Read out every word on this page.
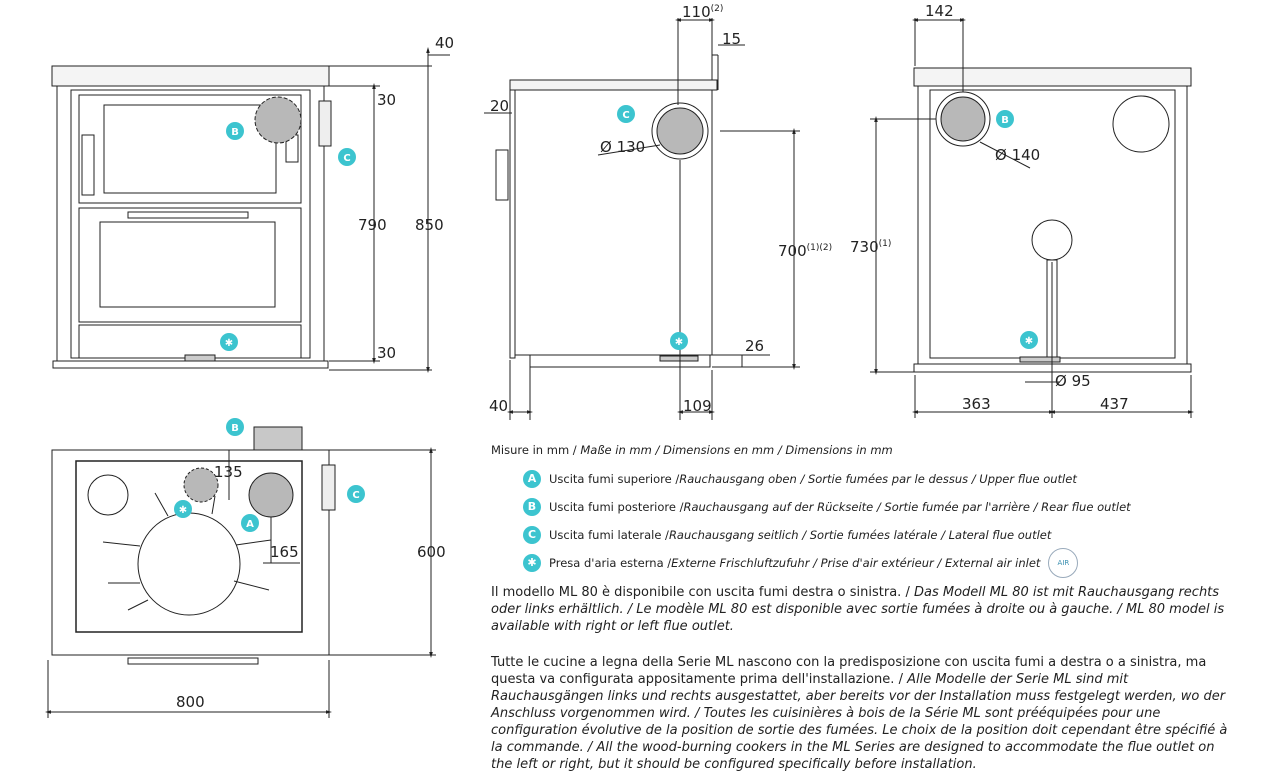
40
30
790 850
30
110$^{(2)}$
15
20
Ø 130
$700^{(1)(2)}$
26
40	109
142
Ø 140
730$^{(1)}$
Ø 95
363	437
135
165	600
800
B
C
✱
C
✱
B
✱
B
C
✱
A
Misure in mm / Maße in mm / Dimensions en mm / Dimensions in mm
A	Uscita fumi superiore / Rauchausgang oben / Sortie fumées par le dessus / Upper flue outlet
B	Uscita fumi posteriore / Rauchausgang auf der Rückseite / Sortie fumée par l'arrière / Rear flue outlet
C	Uscita fumi laterale / Rauchausgang seitlich / Sortie fumées latérale / Lateral flue outlet
✱	Presa d'aria esterna / Externe Frischluftzufuhr / Prise d'air extérieur / External air inlet	AIR
Il modello ML 80 è disponibile con uscita fumi destra o sinistra. / Das Modell ML 80 ist mit Rauchausgang rechts oder links erhältlich. / Le modèle ML 80 est disponible avec sortie fumées à droite ou à gauche. / ML 80 model is available with right or left flue outlet.
Tutte le cucine a legna della Serie ML nascono con la predisposizione con uscita fumi a destra o a sinistra, ma questa va configurata appositamente prima dell'installazione. / Alle Modelle der Serie ML sind mit Rauchausgängen links und rechts ausgestattet, aber bereits vor der Installation muss festgelegt werden, wo der Anschluss vorgenommen wird. / Toutes les cuisinières à bois de la Série ML sont prééquipées pour une configuration évolutive de la position de sortie des fumées. Le choix de la position doit cependant être spécifié à la commande. / All the wood-burning cookers in the ML Series are designed to accommodate the flue outlet on the left or right, but it should be configured specifically before installation.
